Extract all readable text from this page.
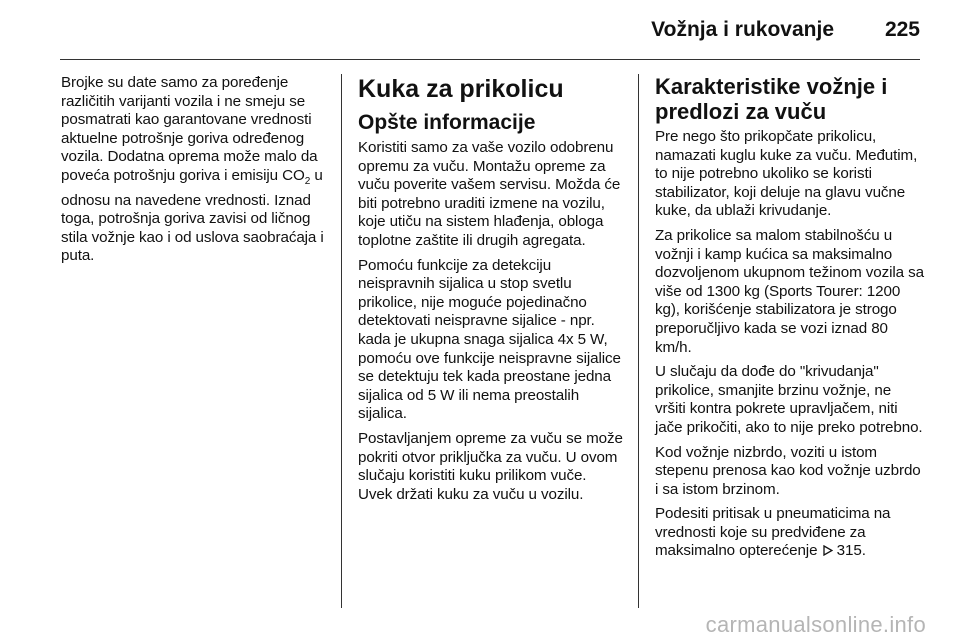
Vožnja i rukovanje 225

Brojke su date samo za poređenje različitih varijanti vozila i ne smeju se posmatrati kao garantovane vrednosti aktuelne potrošnje goriva određenog vozila. Dodatna oprema može malo da poveća potrošnju goriva i emisiju $CO_2$ u odnosu na navedene vrednosti. Iznad toga, potrošnja goriva zavisi od ličnog stila vožnje kao i od uslova saobraćaja i puta.

Kuka za prikolicu
Opšte informacije

Koristiti samo za vaše vozilo odobrenu opremu za vuču. Montažu opreme za vuču poverite vašem servisu. Možda će biti potrebno uraditi izmene na vozilu, koje utiču na sistem hlađenja, obloga toplotne zaštite ili drugih agregata.

Pomoću funkcije za detekciju neispravnih sijalica u stop svetlu prikolice, nije moguće pojedinačno detektovati neispravne sijalice - npr. kada je ukupna snaga sijalica 4x 5 W, pomoću ove funkcije neispravne sijalice se detektuju tek kada preostane jedna sijalica od 5 W ili nema preostalih sijalica.

Postavljanjem opreme za vuču se može pokriti otvor priključka za vuču. U ovom slučaju koristiti kuku prilikom vuče. Uvek držati kuku za vuču u vozilu.

Karakteristike vožnje i predlozi za vuču

Pre nego što prikopčate prikolicu, namazati kuglu kuke za vuču. Međutim, to nije potrebno ukoliko se koristi stabilizator, koji deluje na glavu vučne kuke, da ublaži krivudanje.

Za prikolice sa malom stabilnošću u vožnji i kamp kućica sa maksimalno dozvoljenom ukupnom težinom vozila sa više od 1300 kg (Sports Tourer: 1200 kg), korišćenje stabilizatora je strogo preporučljivo kada se vozi iznad 80 km/h.

U slučaju da dođe do "krivudanja" prikolice, smanjite brzinu vožnje, ne vršiti kontra pokrete upravljačem, niti jače prikočiti, ako to nije preko potrebno.

Kod vožnje nizbrdo, voziti u istom stepenu prenosa kao kod vožnje uzbrdo i sa istom brzinom.

Podesiti pritisak u pneumaticima na vrednosti koje su predviđene za maksimalno opterećenje 315.

carmanualsonline.info
